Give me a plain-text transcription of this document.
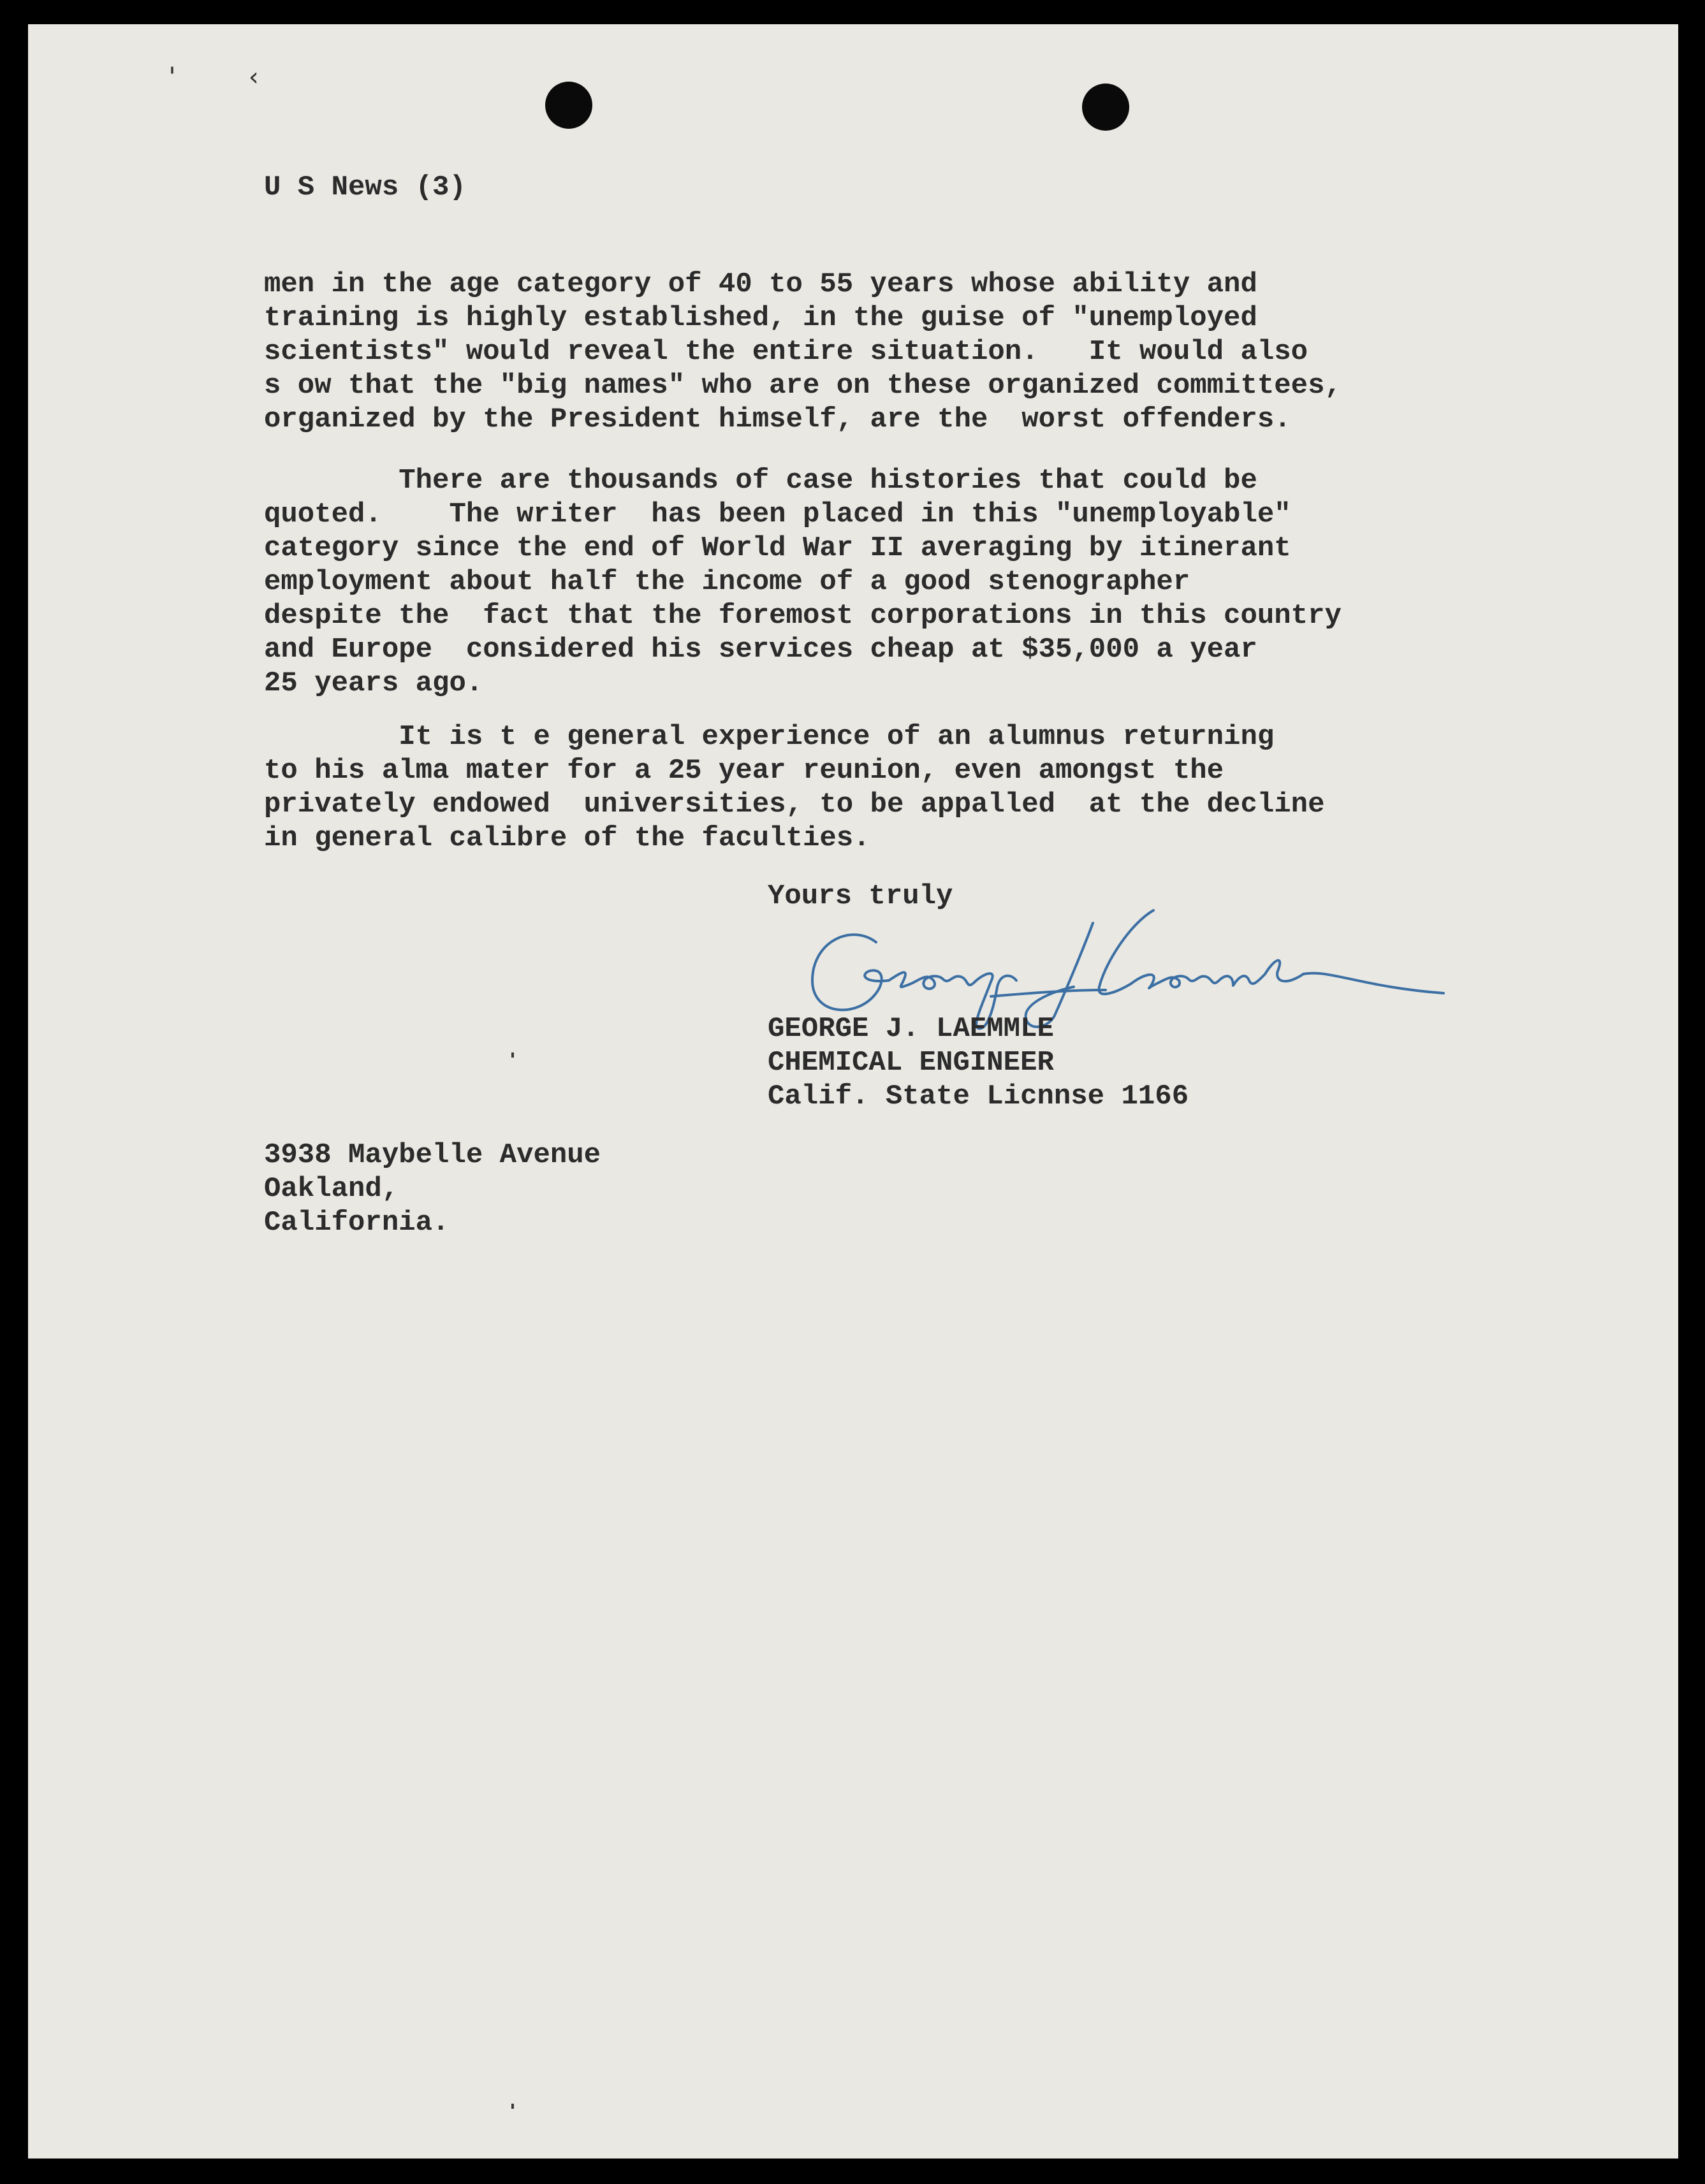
' ‹

U S News (3)

men in the age category of 40 to 55 years whose ability and
training is highly established, in the guise of "unemployed
scientists" would reveal the entire situation.   It would also
s ow that the "big names" who are on these organized committees,
organized by the President himself, are the  worst offenders.

There are thousands of case histories that could be
quoted.    The writer  has been placed in this "unemployable"
category since the end of World War II averaging by itinerant
employment about half the income of a good stenographer
despite the  fact that the foremost corporations in this country
and Europe  considered his services cheap at $35,000 a year
25 years ago.

It is t e general experience of an alumnus returning
to his alma mater for a 25 year reunion, even amongst the
privately endowed  universities, to be appalled  at the decline
in general calibre of the faculties.

Yours truly

GEORGE J. LAEMMLE
CHEMICAL ENGINEER
Calif. State Licnnse 1166

3938 Maybelle Avenue
Oakland,
California.
